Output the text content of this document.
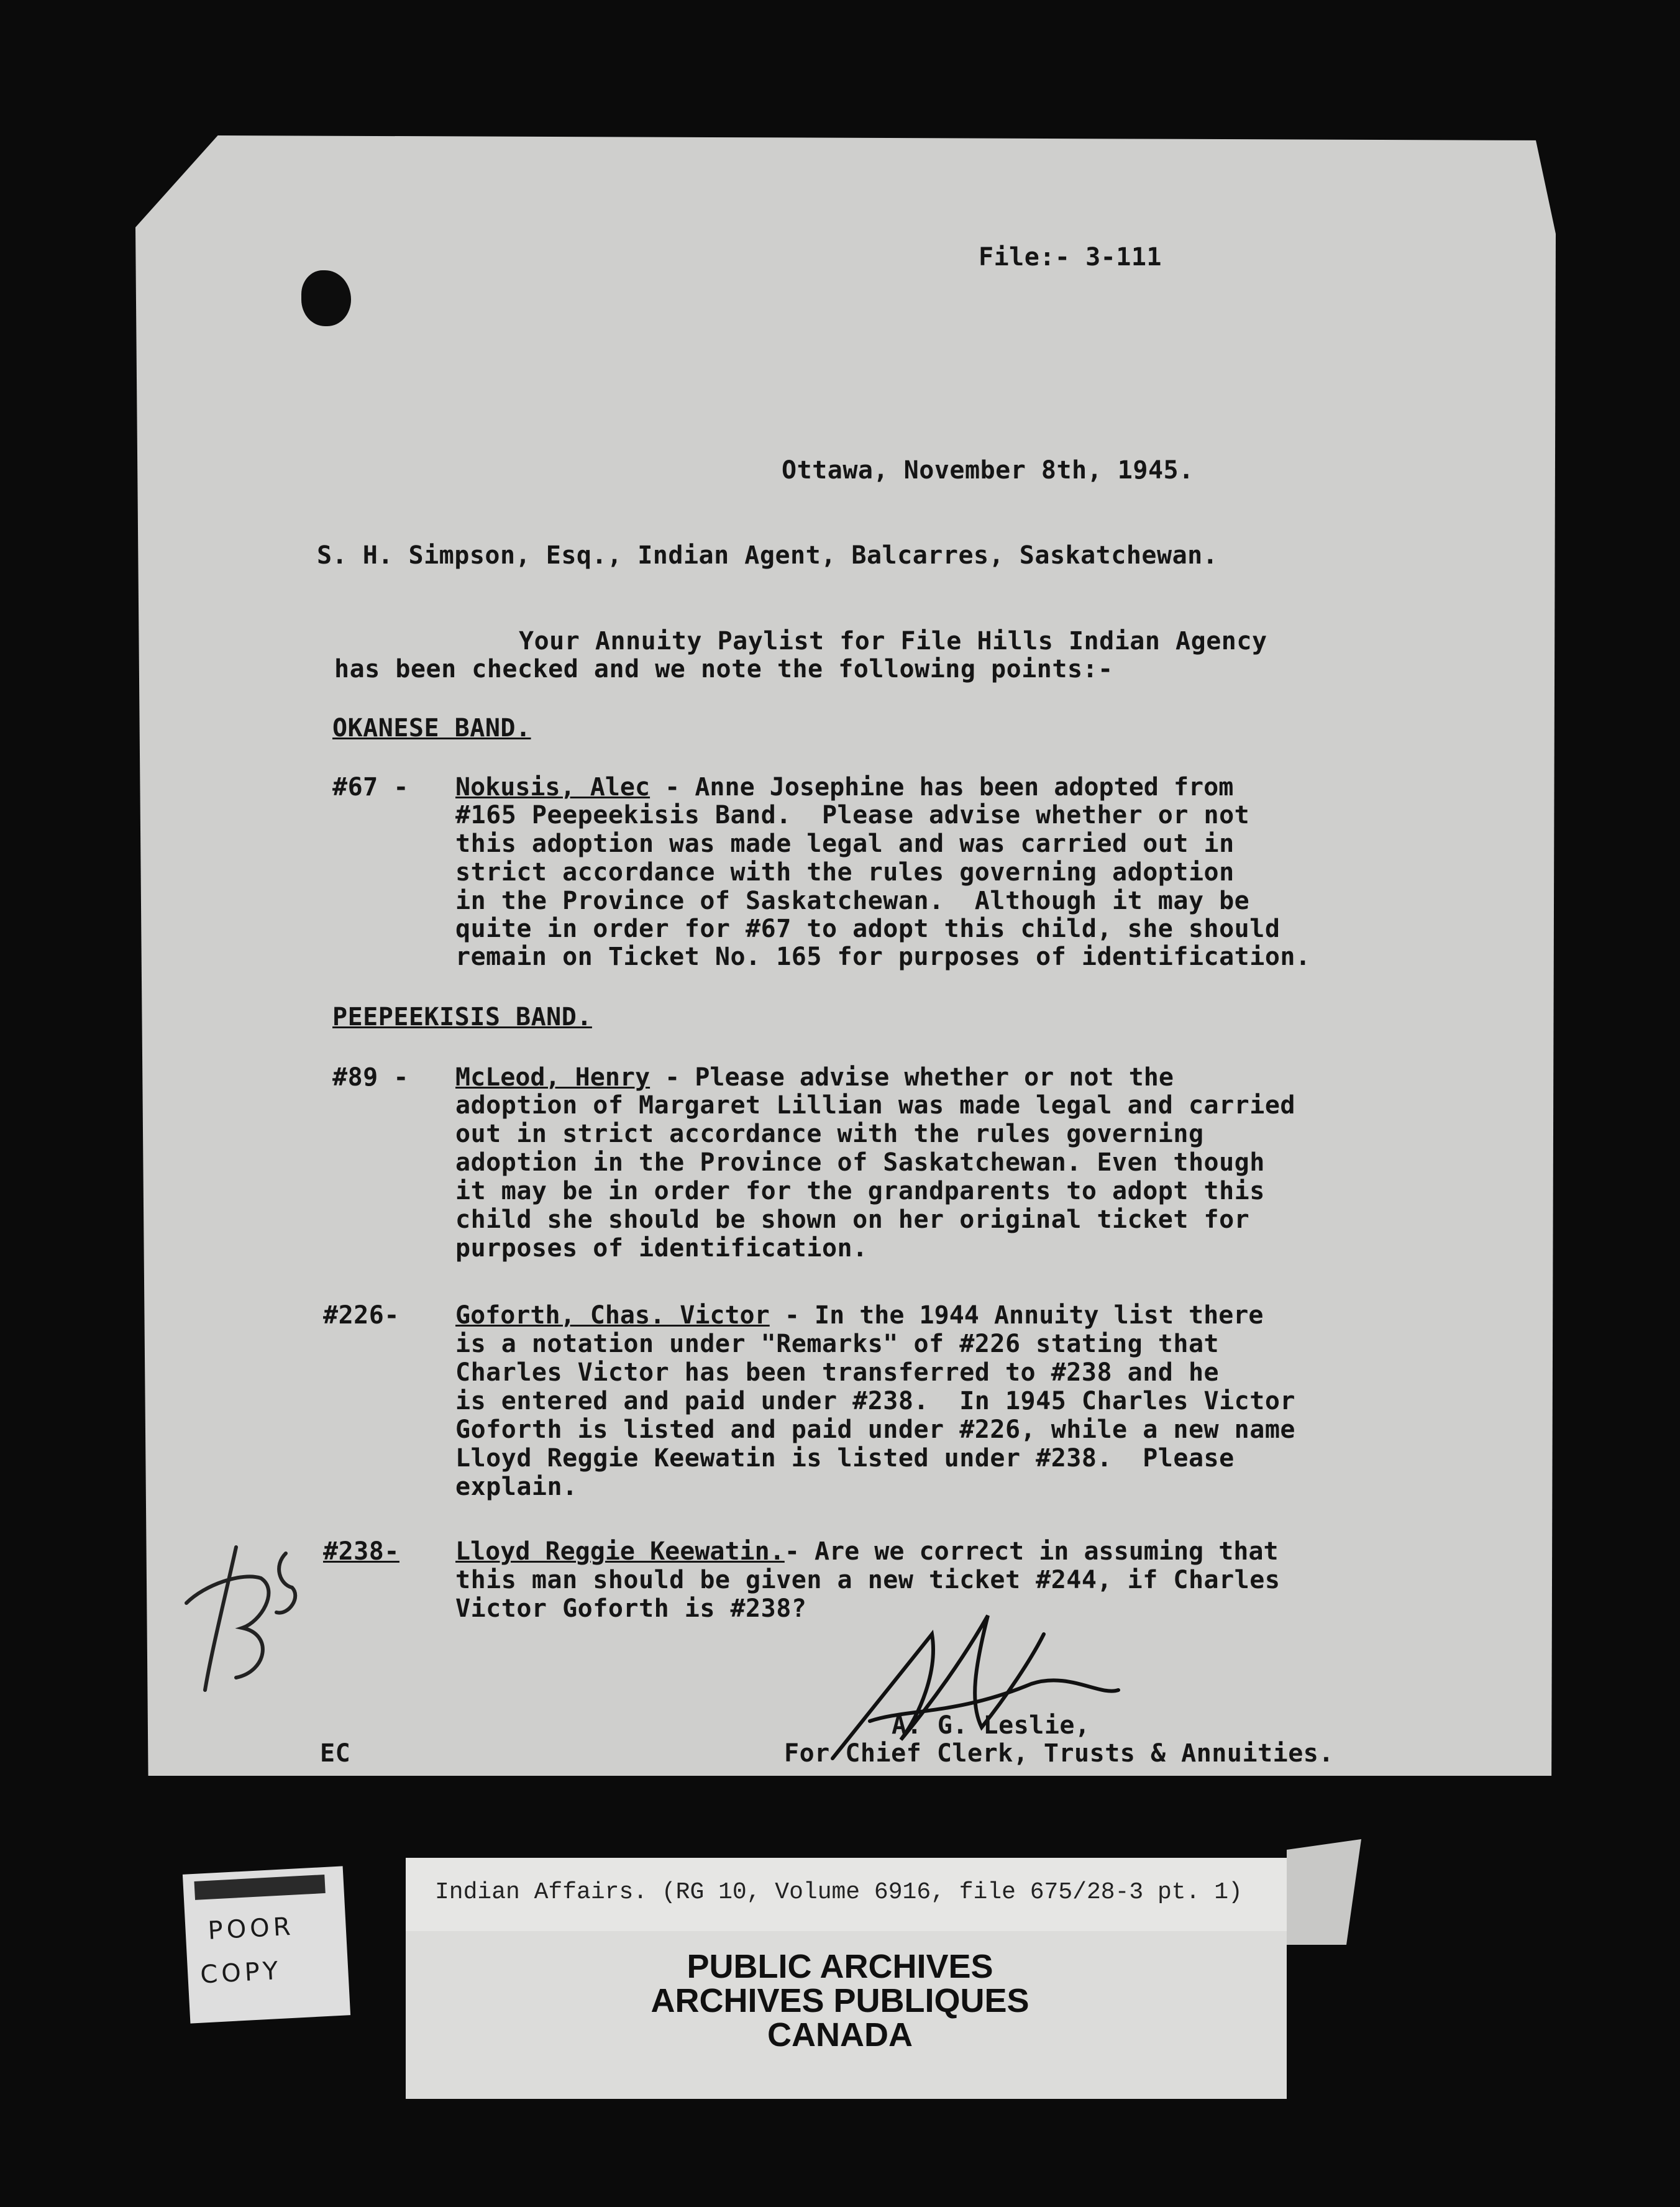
File:- 3-111
Ottawa, November 8th, 1945.
S. H. Simpson, Esq., Indian Agent, Balcarres, Saskatchewan.
Your Annuity Paylist for File Hills Indian Agency
has been checked and we note the following points:-
OKANESE BAND.
#67 - Nokusis, Alec - Anne Josephine has been adopted from
#165 Peepeekisis Band.  Please advise whether or not
this adoption was made legal and was carried out in
strict accordance with the rules governing adoption
in the Province of Saskatchewan.  Although it may be
quite in order for #67 to adopt this child, she should
remain on Ticket No. 165 for purposes of identification.
PEEPEEKISIS BAND.
#89 - McLeod, Henry - Please advise whether or not the
adoption of Margaret Lillian was made legal and carried
out in strict accordance with the rules governing
adoption in the Province of Saskatchewan. Even though
it may be in order for the grandparents to adopt this
child she should be shown on her original ticket for
purposes of identification.
#226- Goforth, Chas. Victor - In the 1944 Annuity list there
is a notation under "Remarks" of #226 stating that
Charles Victor has been transferred to #238 and he
is entered and paid under #238.  In 1945 Charles Victor
Goforth is listed and paid under #226, while a new name
Lloyd Reggie Keewatin is listed under #238.  Please
explain.
#238- Lloyd Reggie Keewatin.- Are we correct in assuming that
this man should be given a new ticket #244, if Charles
Victor Goforth is #238?
A. G. Leslie,
For Chief Clerk, Trusts & Annuities.
EC
Indian Affairs. (RG 10, Volume 6916, file 675/28-3 pt. 1)
PUBLIC ARCHIVES
ARCHIVES PUBLIQUES
CANADA
POOR
COPY
